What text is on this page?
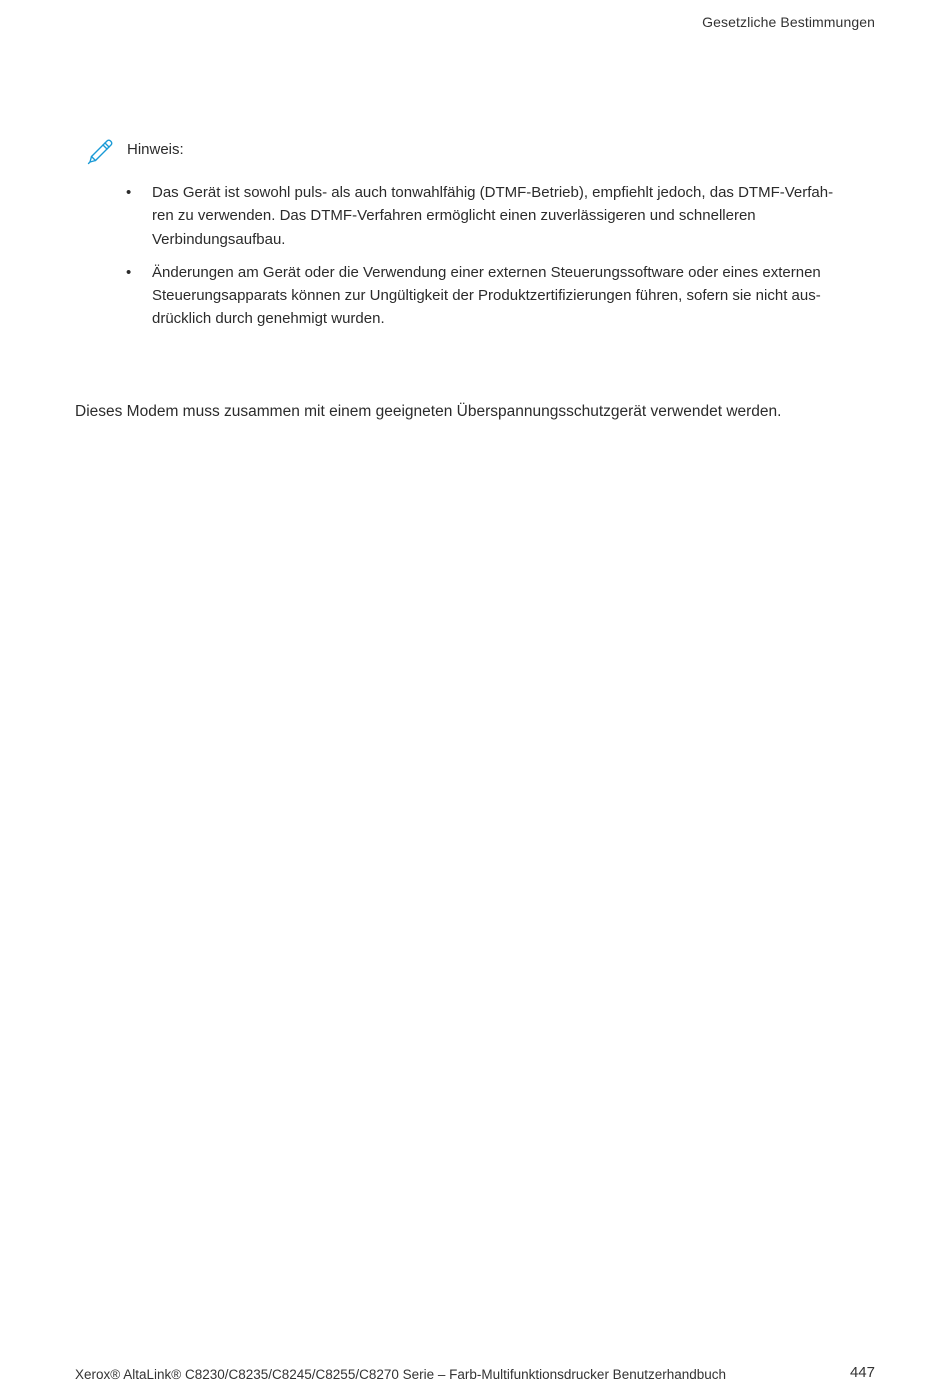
Gesetzliche Bestimmungen
Hinweis:
• Das Gerät ist sowohl puls- als auch tonwahlfähig (DTMF-Betrieb), empfiehlt jedoch, das DTMF-Verfah-
ren zu verwenden. Das DTMF-Verfahren ermöglicht einen zuverlässigeren und schnelleren
Verbindungsaufbau.
• Änderungen am Gerät oder die Verwendung einer externen Steuerungssoftware oder eines externen
Steuerungsapparats können zur Ungültigkeit der Produktzertifizierungen führen, sofern sie nicht aus-
drücklich durch genehmigt wurden.
Dieses Modem muss zusammen mit einem geeigneten Überspannungsschutzgerät verwendet werden.
Xerox® AltaLink® C8230/C8235/C8245/C8255/C8270 Serie – Farb-Multifunktionsdrucker Benutzerhandbuch	447
